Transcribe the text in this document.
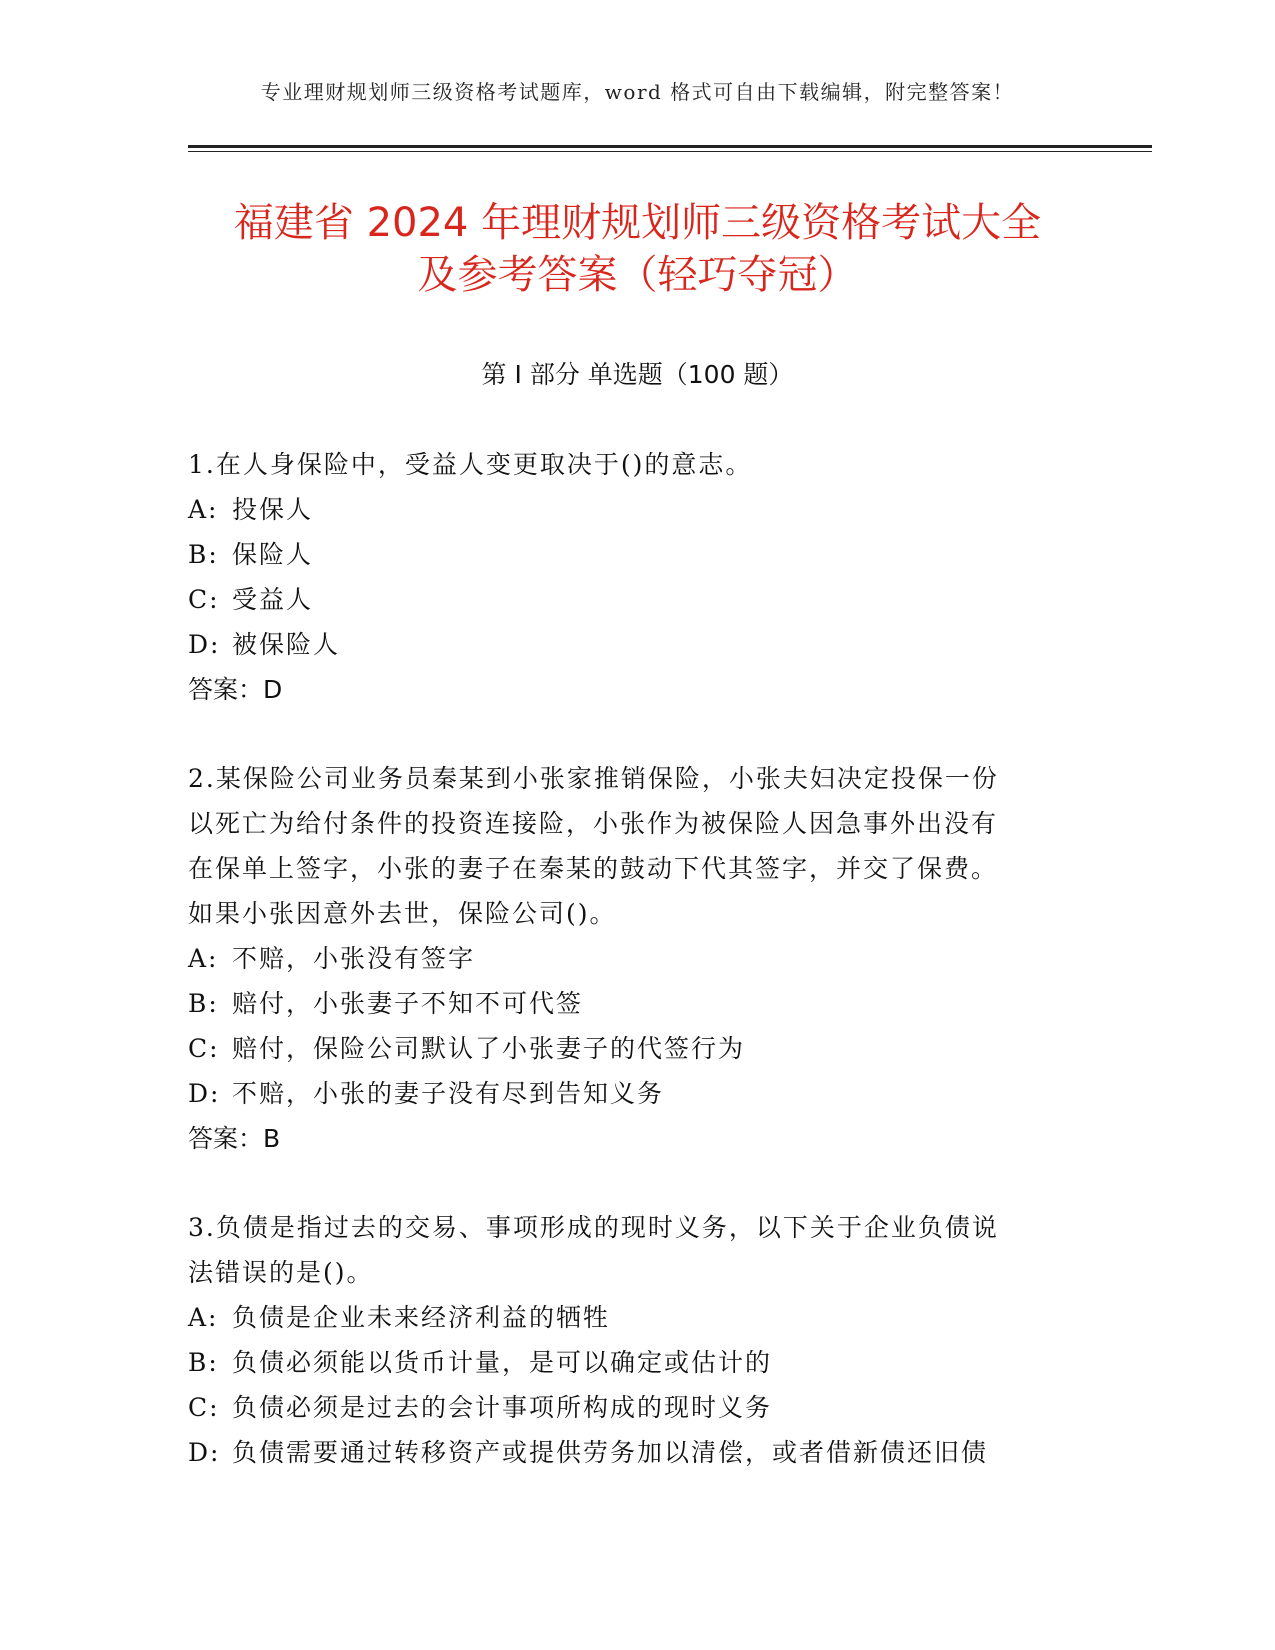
专业理财规划师三级资格考试题库，word 格式可自由下载编辑，附完整答案！
福建省 2024 年理财规划师三级资格考试大全
及参考答案（轻巧夺冠）
第 I 部分 单选题（100 题）
1.在人身保险中，受益人变更取决于()的意志。
A: 投保人
B: 保险人
C: 受益人
D: 被保险人
答案：D
2.某保险公司业务员秦某到小张家推销保险，小张夫妇决定投保一份
以死亡为给付条件的投资连接险，小张作为被保险人因急事外出没有
在保单上签字，小张的妻子在秦某的鼓动下代其签字，并交了保费。
如果小张因意外去世，保险公司()。
A: 不赔，小张没有签字
B: 赔付，小张妻子不知不可代签
C: 赔付，保险公司默认了小张妻子的代签行为
D: 不赔，小张的妻子没有尽到告知义务
答案：B
3.负债是指过去的交易、事项形成的现时义务，以下关于企业负债说
法错误的是()。
A: 负债是企业未来经济利益的牺牲
B: 负债必须能以货币计量，是可以确定或估计的
C: 负债必须是过去的会计事项所构成的现时义务
D: 负债需要通过转移资产或提供劳务加以清偿，或者借新债还旧债
